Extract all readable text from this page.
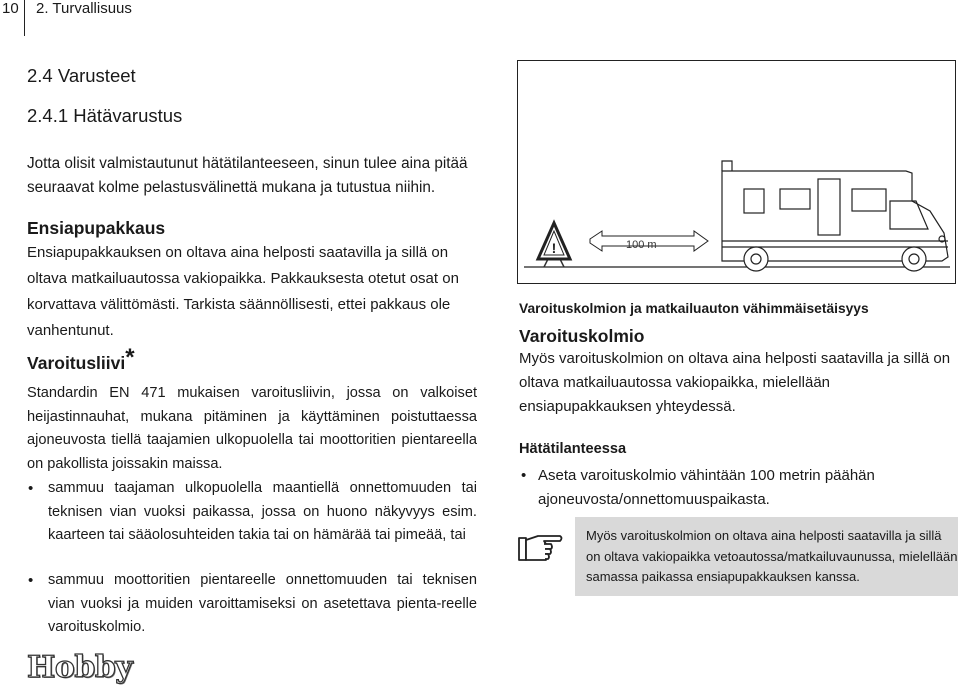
10 2. Turvallisuus
2.4 Varusteet
2.4.1 Hätävarustus

Jotta olisit valmistautunut hätätilanteeseen, sinun tulee aina pitää seuraavat kolme pelastusvälinettä mukana ja tutustua niihin.

Ensiapupakkaus

Ensiapupakkauksen on oltava aina helposti saatavilla ja sillä on oltava matkailuautossa vakiopaikka. Pakkauksesta otetut osat on korvattava välittömästi. Tarkista säännöllisesti, ettei pakkaus ole vanhentunut.

Varoitusliivi*

Standardin EN 471 mukaisen varoitusliivin, jossa on valkoiset heijastinnauhat, mukana pitäminen ja käyttäminen poistuttaessa ajoneuvosta tiellä taajamien ulkopuolella tai moottoritien pientareella on pakollista joissakin maissa.

• sammuu taajaman ulkopuolella maantiellä onnettomuuden tai teknisen vian vuoksi paikassa, jossa on huono näkyvyys esim. kaarteen tai sääolosuhteiden takia tai on hämärää tai pimeää, tai
• sammuu moottoritien pientareelle onnettomuuden tai teknisen vian vuoksi ja muiden varoittamiseksi on asetettava pienta-reelle varoituskolmio.
Hobby
!	100 m
Varoituskolmion ja matkailuauton vähimmäisetäisyys
Varoituskolmio

Myös varoituskolmion on oltava aina helposti saatavilla ja sillä on oltava matkailuautossa vakiopaikka, mielellään ensiapupakkauksen yhteydessä.

Hätätilanteessa
• Aseta varoituskolmio vähintään 100 metrin päähän ajoneuvosta/onnettomuuspaikasta.

Myös varoituskolmion on oltava aina helposti saatavilla ja sillä on oltava vakiopaikka vetoautossa/matkailuvaunussa, mielellään samassa paikassa ensiapupakkauksen kanssa.
